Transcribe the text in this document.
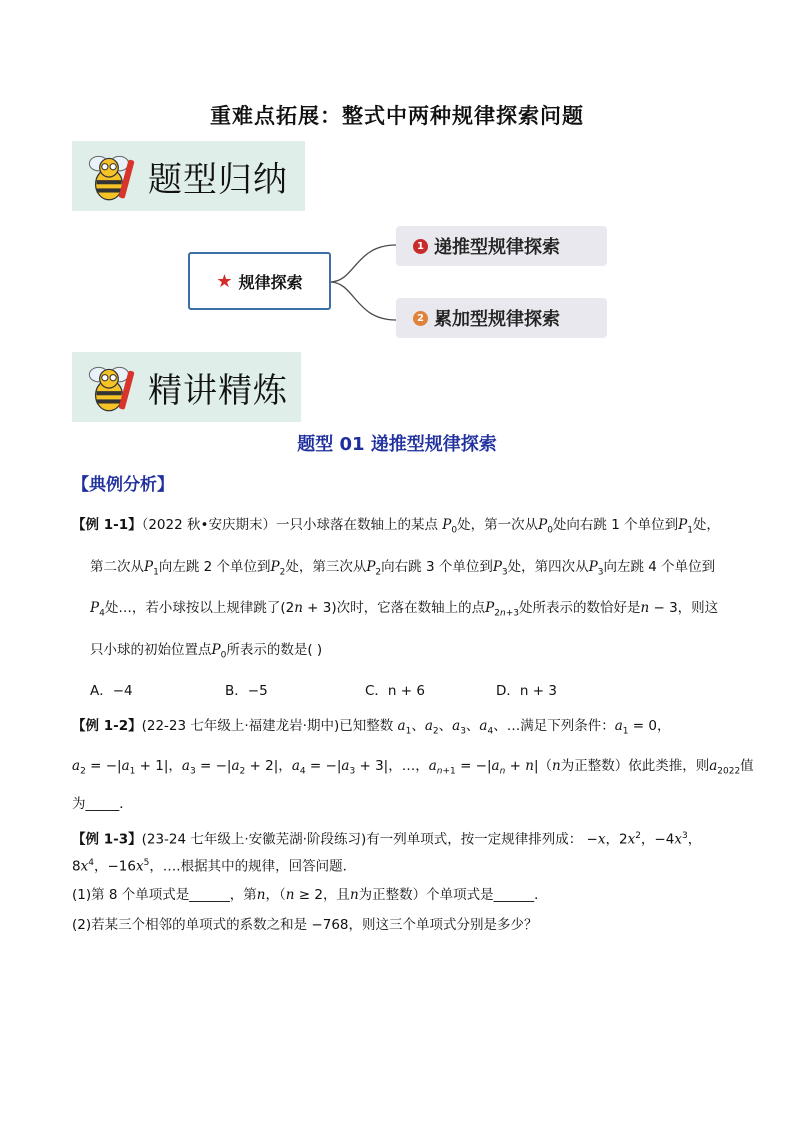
重难点拓展：整式中两种规律探索问题
题型归纳
★ 规律探索
1 递推型规律探索
2 累加型规律探索
精讲精炼
题型 01 递推型规律探索
【典例分析】
【例 1-1】（2022 秋•安庆期末）一只小球落在数轴上的某点 $P_0$处，第一次从$P_0$处向右跳 1 个单位到$P_1$处，
第二次从$P_1$向左跳 2 个单位到$P_2$处，第三次从$P_2$向右跳 3 个单位到$P_3$处，第四次从$P_3$向左跳 4 个单位到
$P_4$处…，若小球按以上规律跳了(2n + 3)次时，它落在数轴上的点$P_{2n+3}$处所表示的数恰好是n − 3，则这
只小球的初始位置点$P_0$所表示的数是( )
A．−4	B．−5	C．n + 6	D．n + 3
【例 1-2】(22-23 七年级上·福建龙岩·期中)已知整数 $a_1$、$a_2$、$a_3$、$a_4$、…满足下列条件：$a_1 = 0$，
$a_2 = -|a_1 + 1|$，$a_3 = -|a_2 + 2|$，$a_4 = -|a_3 + 3|$，…，$a_{n+1} = -|a_n + n|(n$为正整数）依此类推，则$a_{2022}$值
为_____．
【例 1-3】(23-24 七年级上·安徽芜湖·阶段练习)有一列单项式，按一定规律排列成： −x，$2x^2$，$-4x^3$，
$8x^4$，$-16x^5$，….根据其中的规律，回答问题．
(1)第 8 个单项式是______，第n，（n ≥ 2，且n为正整数）个单项式是______．
(2)若某三个相邻的单项式的系数之和是 −768，则这三个单项式分别是多少？
